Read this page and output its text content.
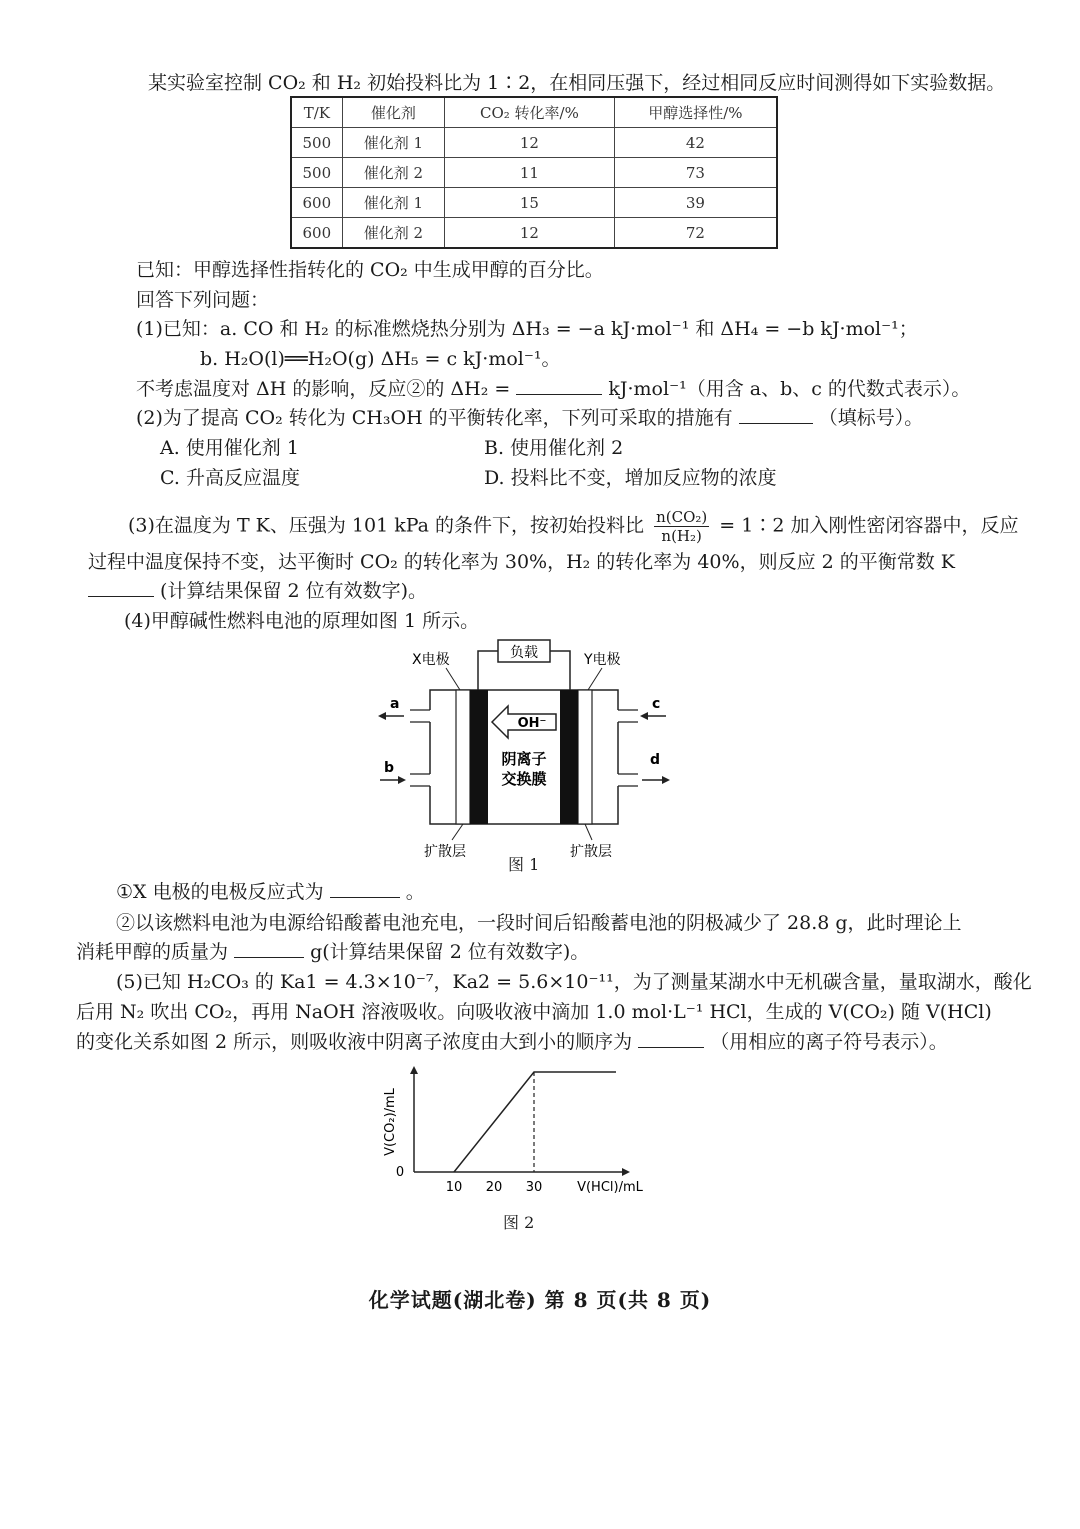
某实验室控制 CO₂ 和 H₂ 初始投料比为 1∶2，在相同压强下，经过相同反应时间测得如下实验数据。
T/K	催化剂	CO₂ 转化率/%	甲醇选择性/%
500	催化剂 1	12	42
500	催化剂 2	11	73
600	催化剂 1	15	39
600	催化剂 2	12	72
已知：甲醇选择性指转化的 CO₂ 中生成甲醇的百分比。
回答下列问题：
(1)已知：a. CO 和 H₂ 的标准燃烧热分别为 ΔH₃ = −a kJ·mol⁻¹ 和 ΔH₄ = −b kJ·mol⁻¹；
b. H₂O(l)══H₂O(g) ΔH₅ = c kJ·mol⁻¹。
不考虑温度对 ΔH 的影响，反应②的 ΔH₂ =	kJ·mol⁻¹（用含 a、b、c 的代数式表示）。
(2)为了提高 CO₂ 转化为 CH₃OH 的平衡转化率，下列可采取的措施有	（填标号）。
A. 使用催化剂 1	B. 使用催化剂 2
C. 升高反应温度	D. 投料比不变，增加反应物的浓度
(3)在温度为 T K、压强为 101 kPa 的条件下，按初始投料比 $\frac{\text{n(CO₂)}}{\text{n(H₂)}}$ = 1∶2 加入刚性密闭容器中，反应
过程中温度保持不变，达平衡时 CO₂ 的转化率为 30%，H₂ 的转化率为 40%，则反应 2 的平衡常数 K
(计算结果保留 2 位有效数字)。
(4)甲醇碱性燃料电池的原理如图 1 所示。
负载
X电极	Y电极
a
b
c
d
OH⁻
阴离子
交换膜
扩散层	扩散层
图 1
①X 电极的电极反应式为	。
②以该燃料电池为电源给铅酸蓄电池充电，一段时间后铅酸蓄电池的阴极减少了 28.8 g，此时理论上
消耗甲醇的质量为	g(计算结果保留 2 位有效数字)。
(5)已知 H₂CO₃ 的 Ka1 = 4.3×10⁻⁷，Ka2 = 5.6×10⁻¹¹，为了测量某湖水中无机碳含量，量取湖水，酸化
后用 N₂ 吹出 CO₂，再用 NaOH 溶液吸收。向吸收液中滴加 1.0 mol·L⁻¹ HCl，生成的 V(CO₂) 随 V(HCl)
的变化关系如图 2 所示，则吸收液中阴离子浓度由大到小的顺序为	（用相应的离子符号表示）。
0
V(CO₂)/mL
V(HCl)/mL
10 20 30
图 2
化学试题(湖北卷) 第 8 页(共 8 页)
